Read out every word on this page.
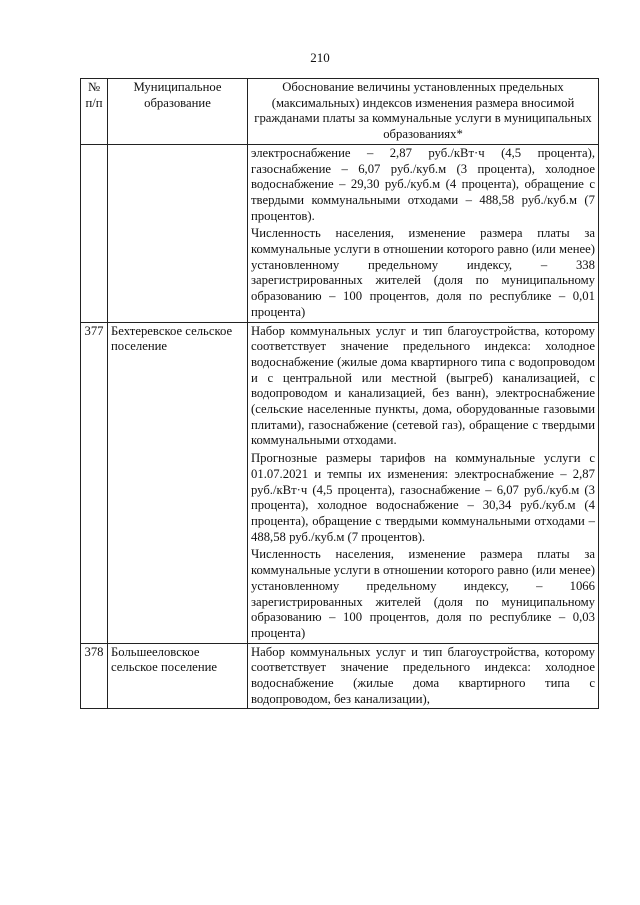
210
№ п/п	Муниципальное образование	Обоснование величины установленных предельных (максимальных) индексов изменения размера вносимой гражданами платы за коммунальные услуги в муниципальных образованиях*

		электроснабжение – 2,87 руб./кВт·ч (4,5 процента), газоснабжение – 6,07 руб./куб.м (3 процента), холодное водоснабжение – 29,30 руб./куб.м (4 процента), обращение с твердыми коммунальными отходами – 488,58 руб./куб.м (7 процентов).

Численность населения, изменение размера платы за коммунальные услуги в отношении которого равно (или менее) установленному предельному индексу, – 338 зарегистрированных жителей (доля по муниципальному образованию – 100 процентов, доля по республике – 0,01 процента)

377	Бехтеревское сельское поселение	Набор коммунальных услуг и тип благоустройства, которому соответствует значение предельного индекса: холодное водоснабжение (жилые дома квартирного типа с водопроводом и с центральной или местной (выгреб) канализацией, с водопроводом и канализацией, без ванн), электроснабжение (сельские населенные пункты, дома, оборудованные газовыми плитами), газоснабжение (сетевой газ), обращение с твердыми коммунальными отходами.

Прогнозные размеры тарифов на коммунальные услуги с 01.07.2021 и темпы их изменения: электроснабжение – 2,87 руб./кВт·ч (4,5 процента), газоснабжение – 6,07 руб./куб.м (3 процента), холодное водоснабжение – 30,34 руб./куб.м (4 процента), обращение с твердыми коммунальными отходами – 488,58 руб./куб.м (7 процентов).

Численность населения, изменение размера платы за коммунальные услуги в отношении которого равно (или менее) установленному предельному индексу, – 1066 зарегистрированных жителей (доля по муниципальному образованию – 100 процентов, доля по республике – 0,03 процента)

378	Большееловское сельское поселение	Набор коммунальных услуг и тип благоустройства, которому соответствует значение предельного индекса: холодное водоснабжение (жилые дома квартирного типа с водопроводом, без канализации),
